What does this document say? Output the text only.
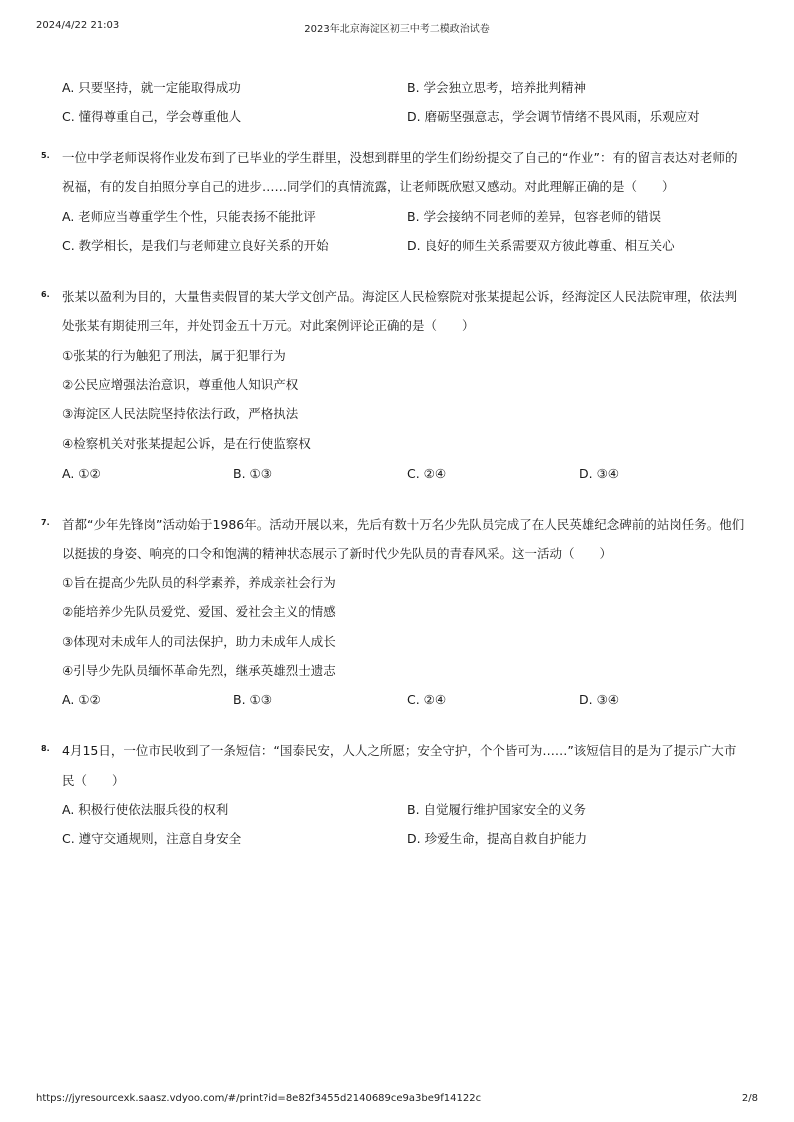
2024/4/22 21:03	2023年北京海淀区初三中考二模政治试卷
A. 只要坚持，就一定能取得成功	B. 学会独立思考，培养批判精神
C. 懂得尊重自己，学会尊重他人	D. 磨砺坚强意志，学会调节情绪不畏风雨，乐观应对
5. 一位中学老师误将作业发布到了已毕业的学生群里，没想到群里的学生们纷纷提交了自己的“作业”：有的留言表达对老师的
祝福，有的发自拍照分享自己的进步……同学们的真情流露，让老师既欣慰又感动。对此理解正确的是（　　）
A. 老师应当尊重学生个性，只能表扬不能批评	B. 学会接纳不同老师的差异，包容老师的错误
C. 教学相长，是我们与老师建立良好关系的开始	D. 良好的师生关系需要双方彼此尊重、相互关心
6. 张某以盈利为目的，大量售卖假冒的某大学文创产品。海淀区人民检察院对张某提起公诉，经海淀区人民法院审理，依法判
处张某有期徒刑三年，并处罚金五十万元。对此案例评论正确的是（　　）
①张某的行为触犯了刑法，属于犯罪行为
②公民应增强法治意识，尊重他人知识产权
③海淀区人民法院坚持依法行政，严格执法
④检察机关对张某提起公诉，是在行使监察权
A. ①②	B. ①③	C. ②④	D. ③④
7. 首都“少年先锋岗”活动始于1986年。活动开展以来，先后有数十万名少先队员完成了在人民英雄纪念碑前的站岗任务。他们
以挺拔的身姿、响亮的口令和饱满的精神状态展示了新时代少先队员的青春风采。这一活动（　　）
①旨在提高少先队员的科学素养，养成亲社会行为
②能培养少先队员爱党、爱国、爱社会主义的情感
③体现对未成年人的司法保护，助力未成年人成长
④引导少先队员缅怀革命先烈，继承英雄烈士遗志
A. ①②	B. ①③	C. ②④	D. ③④
8. 4月15日，一位市民收到了一条短信：“国泰民安，人人之所愿；安全守护，个个皆可为……”该短信目的是为了提示广大市
民（　　）
A. 积极行使依法服兵役的权利	B. 自觉履行维护国家安全的义务
C. 遵守交通规则，注意自身安全	D. 珍爱生命，提高自救自护能力
https://jyresourcexk.saasz.vdyoo.com/#/print?id=8e82f3455d2140689ce9a3be9f14122c	2/8
